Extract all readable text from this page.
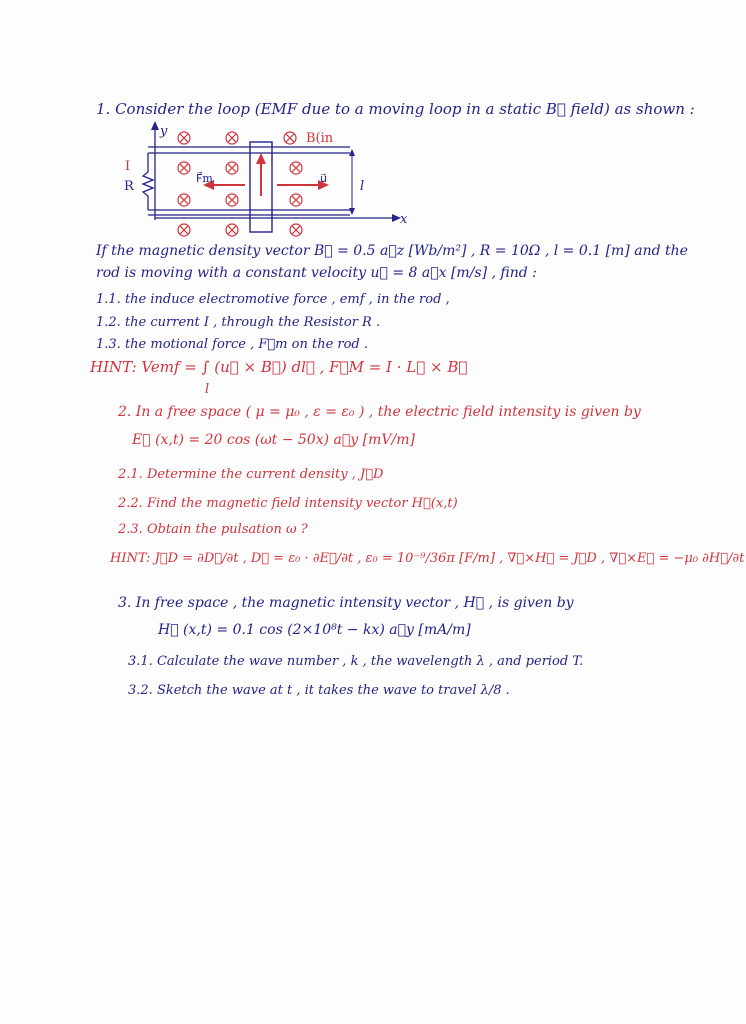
1. Consider the loop (EMF due to a moving loop in a static B⃗ field) as shown :
y
x
B(in
I
R
F⃗m	u⃗
l
If the magnetic density vector B⃗ = 0.5 a⃗z [Wb/m²] , R = 10Ω , l = 0.1 [m] and the
rod is moving with a constant velocity u⃗ = 8 a⃗x [m/s] , find :
1.1. the induce electromotive force , emf , in the rod ,
1.2. the current I , through the Resistor R .
1.3. the motional force , F⃗m on the rod .
HINT: Vemf = ∫ (u⃗ × B⃗) dl⃗ , F⃗M = I · L⃗ × B⃗
l
2. In a free space ( μ = μ₀ , ε = ε₀ ) , the electric field intensity is given by
E⃗ (x,t) = 20 cos (ωt − 50x) a⃗y [mV/m]
2.1. Determine the current density , J⃗D
2.2. Find the magnetic field intensity vector H⃗(x,t)
2.3. Obtain the pulsation ω ?
HINT: J⃗D = ∂D⃗/∂t , D⃗ = ε₀ · ∂E⃗/∂t , ε₀ = 10⁻⁹/36π [F/m] , ∇⃗×H⃗ = J⃗D , ∇⃗×E⃗ = −μ₀ ∂H⃗/∂t
3. In free space , the magnetic intensity vector , H⃗ , is given by
H⃗ (x,t) = 0.1 cos (2×10⁸t − kx) a⃗y [mA/m]
3.1. Calculate the wave number , k , the wavelength λ , and period T.
3.2. Sketch the wave at t , it takes the wave to travel λ/8 .
